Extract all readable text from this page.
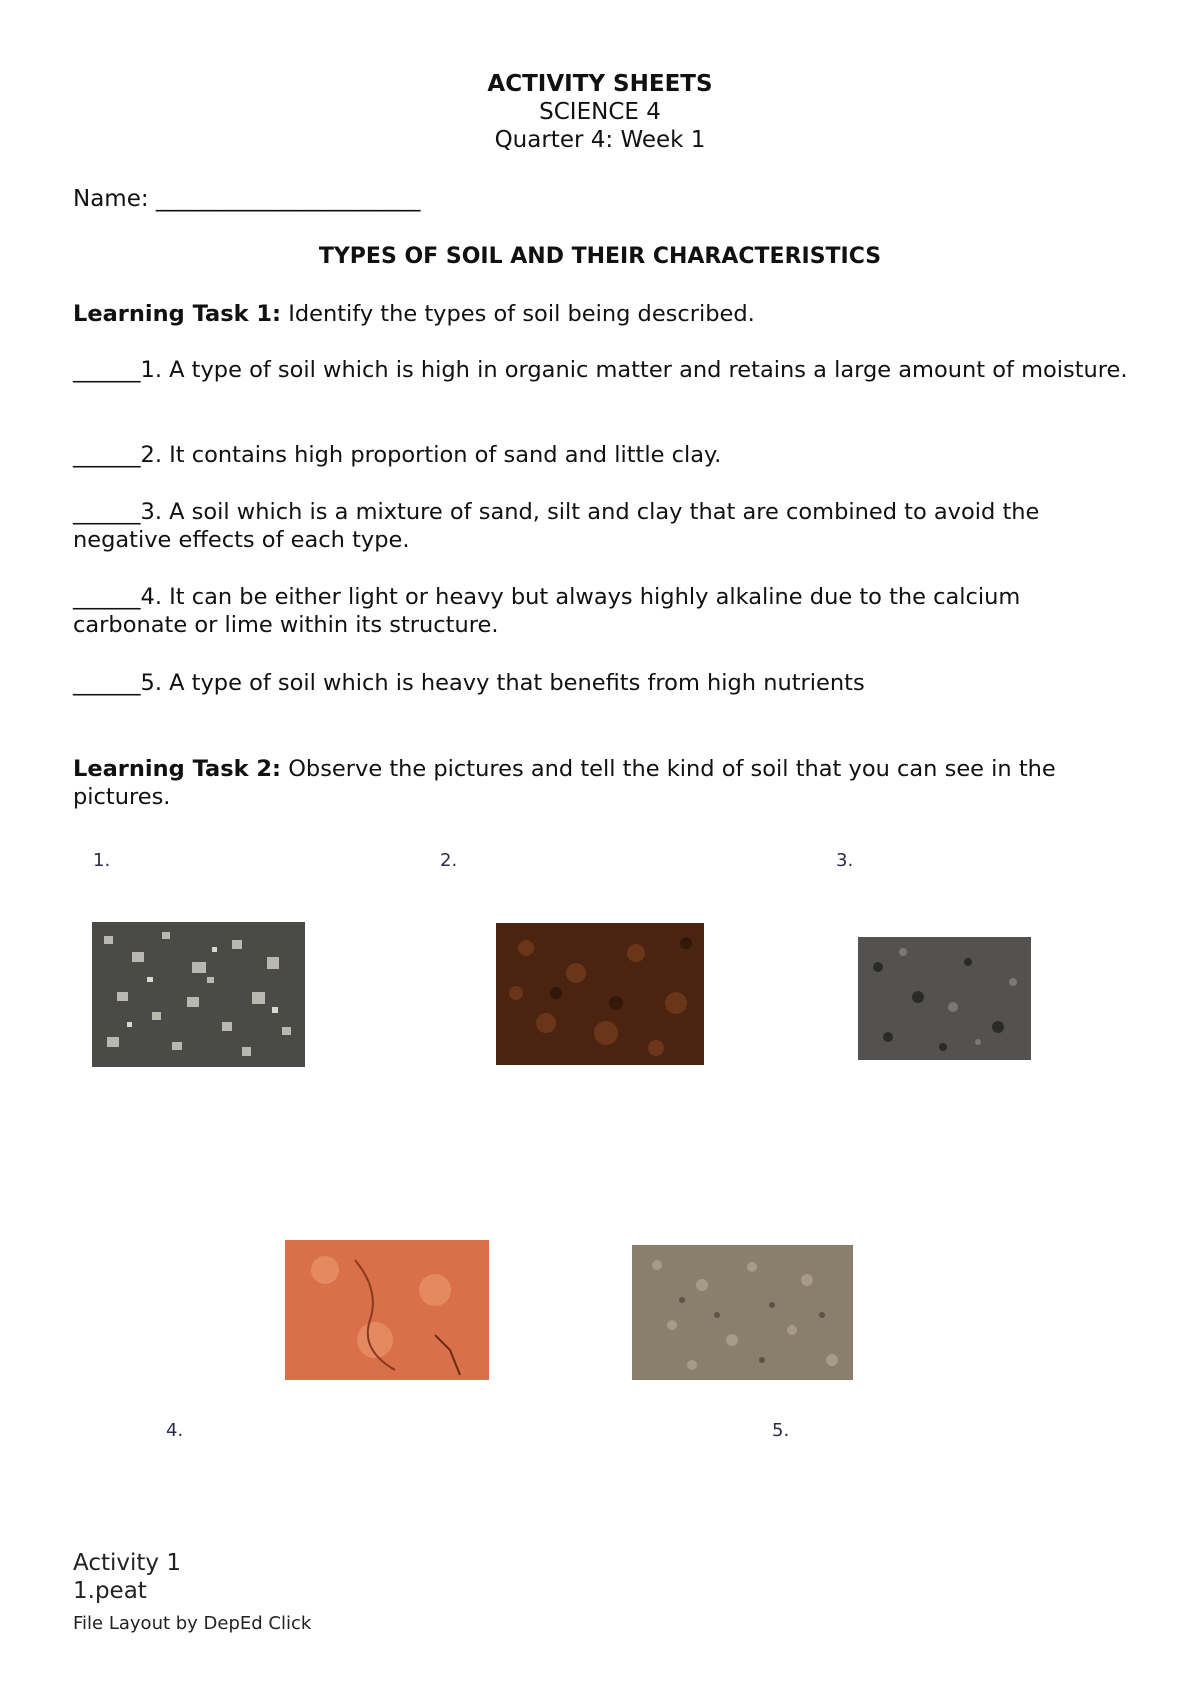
ACTIVITY SHEETS
SCIENCE 4
Quarter 4: Week 1
Name: _______________________
TYPES OF SOIL AND THEIR CHARACTERISTICS
Learning Task 1: Identify the types of soil being described.
______1. A type of soil which is high in organic matter and retains a large amount of moisture.
______2. It contains high proportion of sand and little clay.
______3. A soil which is a mixture of sand, silt and clay that are combined to avoid the negative effects of each type.
______4. It can be either light or heavy but always highly alkaline due to the calcium carbonate or lime within its structure.
______5. A type of soil which is heavy that benefits from high nutrients
Learning Task 2: Observe the pictures and tell the kind of soil that you can see in the pictures.
1.	2.	3.
4.	5.
Activity 1
1.peat
File Layout by DepEd Click
